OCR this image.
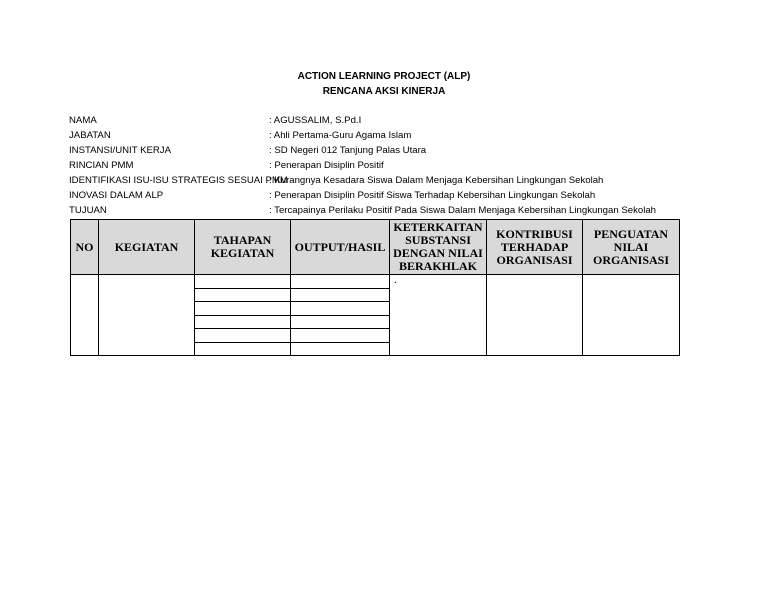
ACTION LEARNING PROJECT (ALP)
RENCANA AKSI KINERJA
NAMA	: AGUSSALIM, S.Pd.I
JABATAN	: Ahli Pertama-Guru Agama Islam
INSTANSI/UNIT KERJA	: SD Negeri 012 Tanjung Palas Utara
RINCIAN PMM	: Penerapan Disiplin Positif
IDENTIFIKASI ISU-ISU STRATEGIS SESUAI PMM
: Kurangnya Kesadara Siswa Dalam Menjaga Kebersihan Lingkungan Sekolah
INOVASI DALAM ALP	: Penerapan Disiplin Positif Siswa Terhadap Kebersihan Lingkungan Sekolah
TUJUAN	: Tercapainya Perilaku Positif Pada Siswa Dalam Menjaga Kebersihan Lingkungan Sekolah
NO	KEGIATAN	TAHAPAN KEGIATAN	OUTPUT/HASIL	KETERKAITAN SUBSTANSI DENGAN NILAI BERAKHLAK	KONTRIBUSI TERHADAP ORGANISASI	PENGUATAN NILAI ORGANISASI

				.		
